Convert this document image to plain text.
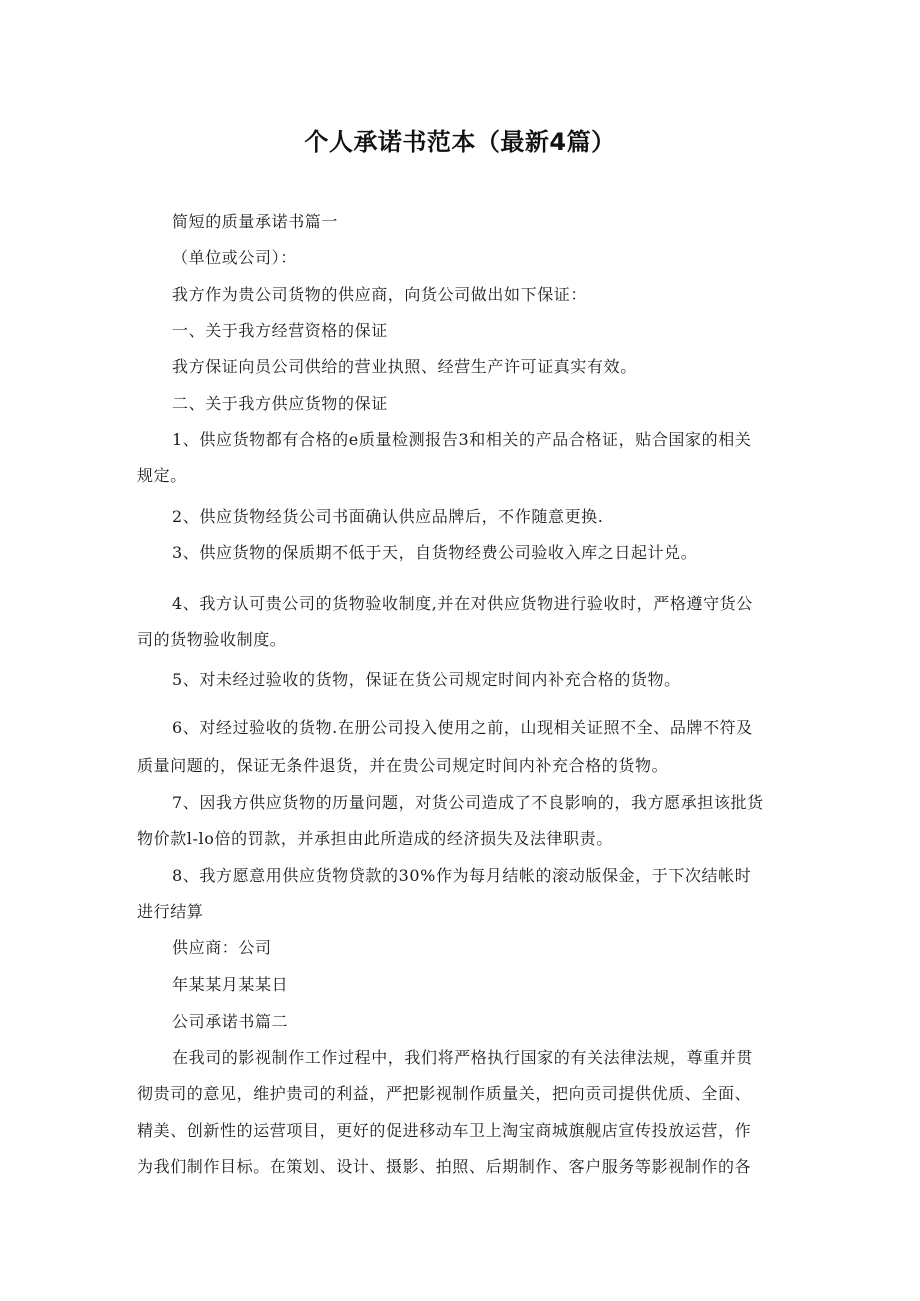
个人承诺书范本（最新4篇）
简短的质量承诺书篇一
（单位或公司）：
我方作为贵公司货物的供应商，向货公司做出如下保证：
一、关于我方经营资格的保证
我方保证向员公司供给的营业执照、经营生产许可证真实有效。
二、关于我方供应货物的保证
1、供应货物都有合格的e质量检测报告3和相关的产品合格证，贴合国家的相关
规定。
2、供应货物经货公司书面确认供应品牌后，不作随意更换.
3、供应货物的保质期不低于天，自货物经费公司验收入库之日起计兑。
4、我方认可贵公司的货物验收制度,并在对供应货物进行验收时，严格遵守货公
司的货物验收制度。
5、对未经过验收的货物，保证在货公司规定时间内补充合格的货物。
6、对经过验收的货物.在册公司投入使用之前，山现相关证照不全、品牌不符及
质量问题的，保证无条件退货，并在贵公司规定时间内补充合格的货物。
7、因我方供应货物的历量问题，对货公司造成了不良影响的，我方愿承担该批货
物价款l-lo倍的罚款，并承担由此所造成的经济损失及法律职责。
8、我方愿意用供应货物贷款的30%作为每月结帐的滚动版保金，于下次结帐时
进行结算
供应商：公司
年某某月某某日
公司承诺书篇二
在我司的影视制作工作过程中，我们将严格执行国家的有关法律法规，尊重并贯
彻贵司的意见，维护贵司的利益，严把影视制作质量关，把向贡司提供优质、全面、
精美、创新性的运营项目，更好的促进移动车卫上淘宝商城旗舰店宣传投放运营，作
为我们制作目标。在策划、设计、摄影、拍照、后期制作、客户服务等影视制作的各
